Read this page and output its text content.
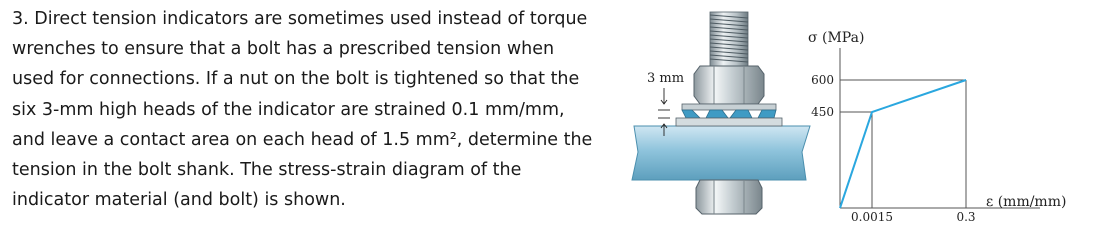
3. Direct tension indicators are sometimes used instead of torque
wrenches to ensure that a bolt has a prescribed tension when
used for connections. If a nut on the bolt is tightened so that the
six 3-mm high heads of the indicator are strained 0.1 mm/mm,
and leave a contact area on each head of 1.5 mm², determine the
tension in the bolt shank. The stress-strain diagram of the
indicator material (and bolt) is shown.
3 mm
σ (MPa)
600
450
0.0015	0.3
ε (mm/mm)
